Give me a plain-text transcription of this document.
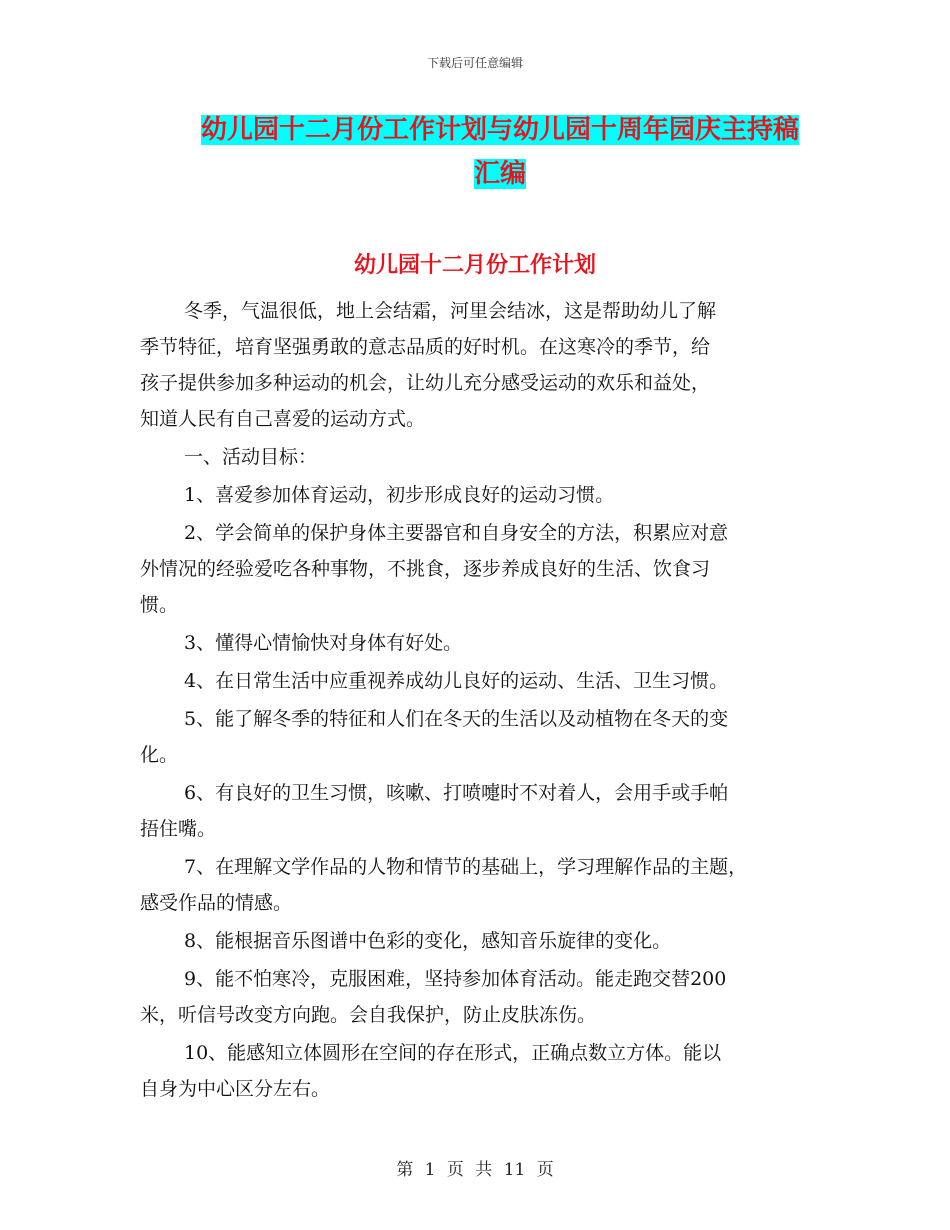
下载后可任意编辑
幼儿园十二月份工作计划与幼儿园十周年园庆主持稿
汇编
幼儿园十二月份工作计划
冬季，气温很低，地上会结霜，河里会结冰，这是帮助幼儿了解
季节特征，培育坚强勇敢的意志品质的好时机。在这寒冷的季节，给
孩子提供参加多种运动的机会，让幼儿充分感受运动的欢乐和益处，
知道人民有自己喜爱的运动方式。
一、活动目标：
1、喜爱参加体育运动，初步形成良好的运动习惯。
2、学会简单的保护身体主要器官和自身安全的方法，积累应对意
外情况的经验爱吃各种事物，不挑食，逐步养成良好的生活、饮食习
惯。
3、懂得心情愉快对身体有好处。
4、在日常生活中应重视养成幼儿良好的运动、生活、卫生习惯。
5、能了解冬季的特征和人们在冬天的生活以及动植物在冬天的变
化。
6、有良好的卫生习惯，咳嗽、打喷嚏时不对着人，会用手或手帕
捂住嘴。
7、在理解文学作品的人物和情节的基础上，学习理解作品的主题，
感受作品的情感。
8、能根据音乐图谱中色彩的变化，感知音乐旋律的变化。
9、能不怕寒冷，克服困难，坚持参加体育活动。能走跑交替200
米，听信号改变方向跑。会自我保护，防止皮肤冻伤。
10、能感知立体圆形在空间的存在形式，正确点数立方体。能以
自身为中心区分左右。
第 1 页 共 11 页
